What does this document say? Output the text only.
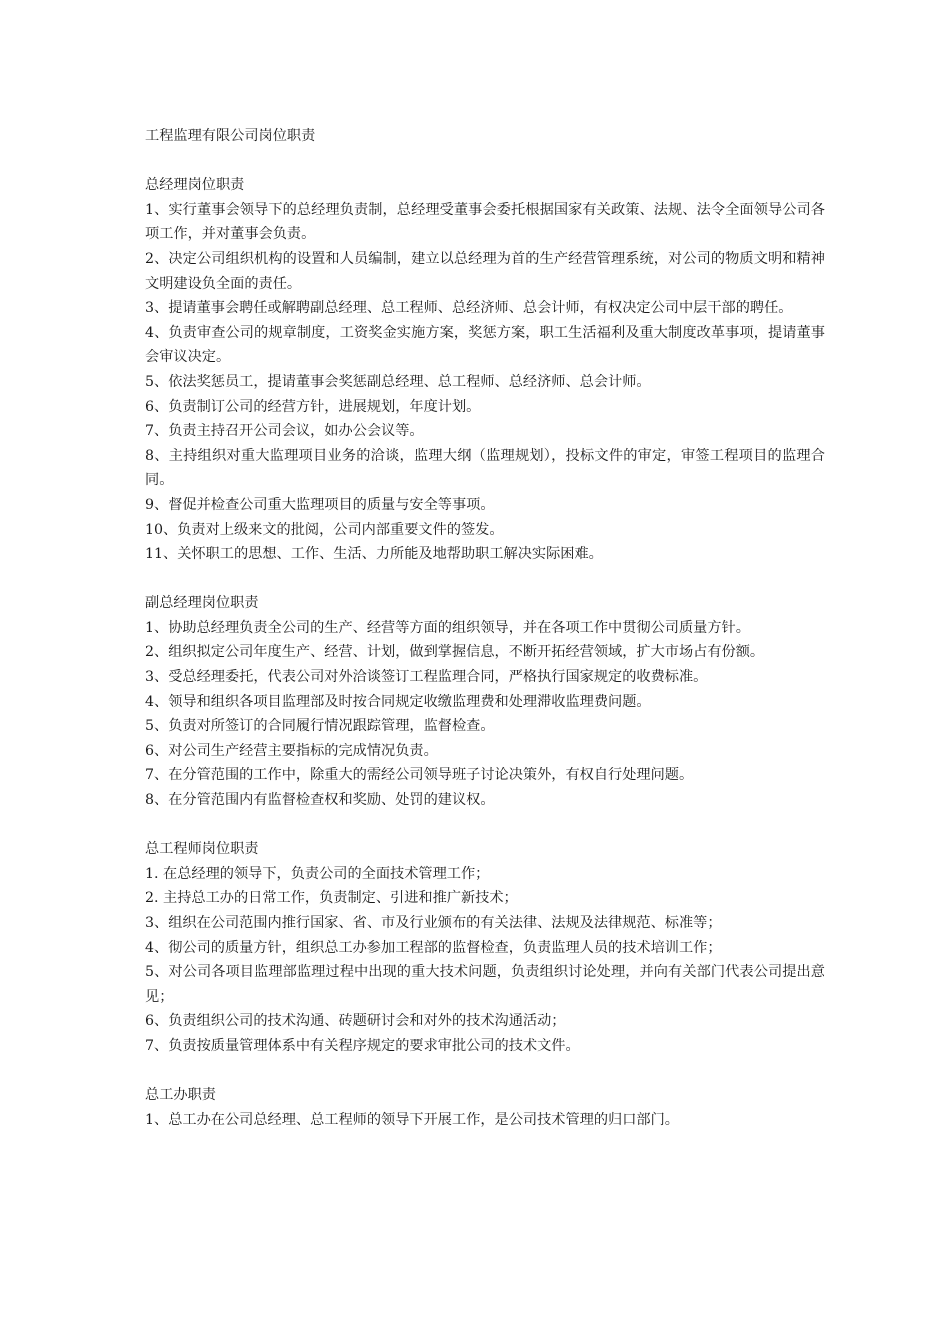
工程监理有限公司岗位职责

总经理岗位职责

1、实行董事会领导下的总经理负责制，总经理受董事会委托根据国家有关政策、法规、法令全面领导公司各项工作，并对董事会负责。
2、决定公司组织机构的设置和人员编制，建立以总经理为首的生产经营管理系统，对公司的物质文明和精神文明建设负全面的责任。
3、提请董事会聘任或解聘副总经理、总工程师、总经济师、总会计师，有权决定公司中层干部的聘任。
4、负责审查公司的规章制度，工资奖金实施方案，奖惩方案，职工生活福利及重大制度改革事项，提请董事会审议决定。
5、依法奖惩员工，提请董事会奖惩副总经理、总工程师、总经济师、总会计师。
6、负责制订公司的经营方针，进展规划，年度计划。
7、负责主持召开公司会议，如办公会议等。
8、主持组织对重大监理项目业务的洽谈，监理大纲（监理规划），投标文件的审定，审签工程项目的监理合同。
9、督促并检查公司重大监理项目的质量与安全等事项。
10、负责对上级来文的批阅，公司内部重要文件的签发。
11、关怀职工的思想、工作、生活、力所能及地帮助职工解决实际困难。

副总经理岗位职责

1、协助总经理负责全公司的生产、经营等方面的组织领导，并在各项工作中贯彻公司质量方针。
2、组织拟定公司年度生产、经营、计划，做到掌握信息，不断开拓经营领域，扩大市场占有份额。
3、受总经理委托，代表公司对外洽谈签订工程监理合同，严格执行国家规定的收费标准。
4、领导和组织各项目监理部及时按合同规定收缴监理费和处理滞收监理费问题。
5、负责对所签订的合同履行情况跟踪管理，监督检查。
6、对公司生产经营主要指标的完成情况负责。
7、在分管范围的工作中，除重大的需经公司领导班子讨论决策外，有权自行处理问题。
8、在分管范围内有监督检查权和奖励、处罚的建议权。

总工程师岗位职责

1. 在总经理的领导下，负责公司的全面技术管理工作；
2. 主持总工办的日常工作，负责制定、引进和推广新技术；
3、组织在公司范围内推行国家、省、市及行业颁布的有关法律、法规及法律规范、标准等；
4、彻公司的质量方针，组织总工办参加工程部的监督检查，负责监理人员的技术培训工作；
5、对公司各项目监理部监理过程中出现的重大技术问题，负责组织讨论处理，并向有关部门代表公司提出意见；
6、负责组织公司的技术沟通、砖题研讨会和对外的技术沟通活动；
7、负责按质量管理体系中有关程序规定的要求审批公司的技术文件。

总工办职责

1、总工办在公司总经理、总工程师的领导下开展工作，是公司技术管理的归口部门。
